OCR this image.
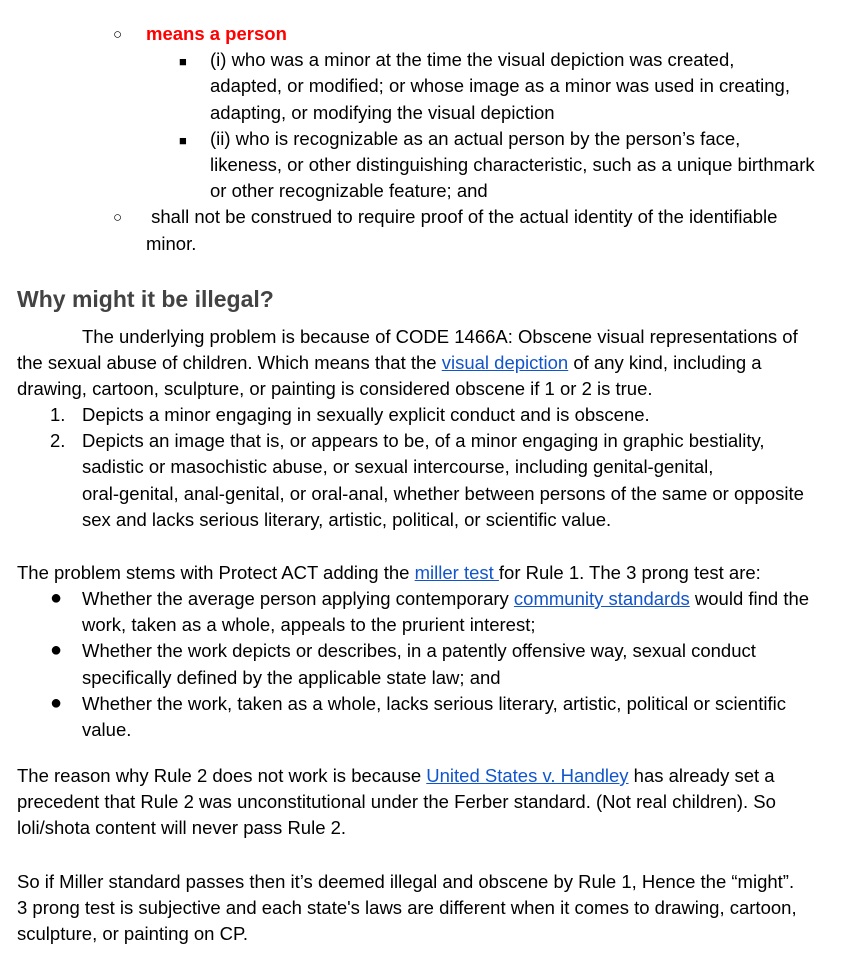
○ means a person
■ (i) who was a minor at the time the visual depiction was created,
adapted, or modified; or whose image as a minor was used in creating,
adapting, or modifying the visual depiction
■ (ii) who is recognizable as an actual person by the person’s face,
likeness, or other distinguishing characteristic, such as a unique birthmark
or other recognizable feature; and
○ shall not be construed to require proof of the actual identity of the identifiable
minor.
Why might it be illegal?
The underlying problem is because of CODE 1466A: Obscene visual representations of
the sexual abuse of children. Which means that the visual depiction of any kind, including a
drawing, cartoon, sculpture, or painting is considered obscene if 1 or 2 is true.
1. Depicts a minor engaging in sexually explicit conduct and is obscene.
2. Depicts an image that is, or appears to be, of a minor engaging in graphic bestiality,
sadistic or masochistic abuse, or sexual intercourse, including genital-genital,
oral-genital, anal-genital, or oral-anal, whether between persons of the same or opposite
sex and lacks serious literary, artistic, political, or scientific value.
The problem stems with Protect ACT adding the miller test for Rule 1. The 3 prong test are:
● Whether the average person applying contemporary community standards would find the
work, taken as a whole, appeals to the prurient interest;
● Whether the work depicts or describes, in a patently offensive way, sexual conduct
specifically defined by the applicable state law; and
● Whether the work, taken as a whole, lacks serious literary, artistic, political or scientific
value.
The reason why Rule 2 does not work is because United States v. Handley has already set a
precedent that Rule 2 was unconstitutional under the Ferber standard. (Not real children). So
loli/shota content will never pass Rule 2.
So if Miller standard passes then it’s deemed illegal and obscene by Rule 1, Hence the “might”.
3 prong test is subjective and each state's laws are different when it comes to drawing, cartoon,
sculpture, or painting on CP.
